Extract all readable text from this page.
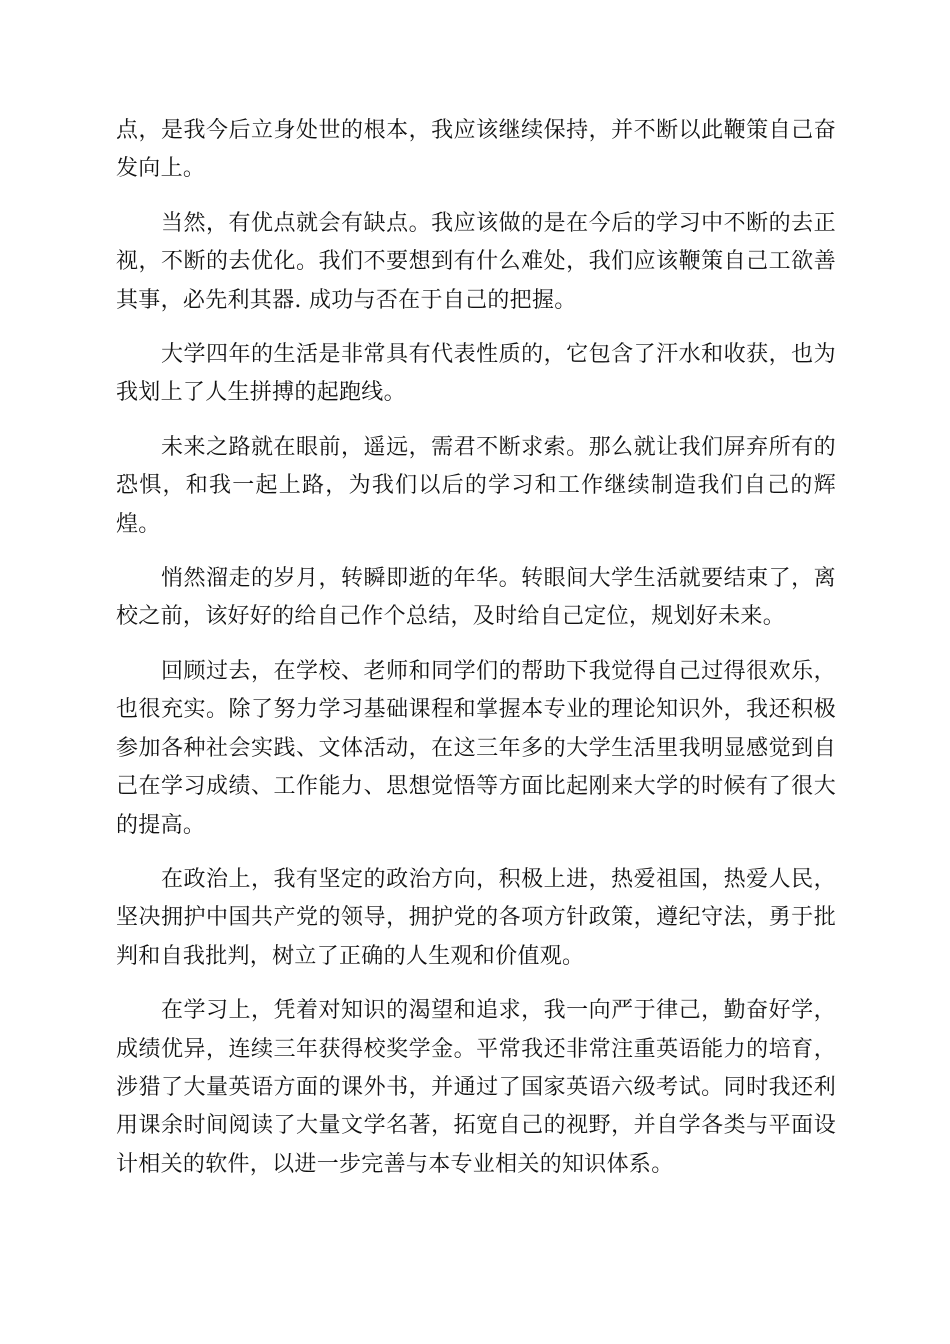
点，是我今后立身处世的根本，我应该继续保持，并不断以此鞭策自己奋发向上。

当然，有优点就会有缺点。我应该做的是在今后的学习中不断的去正视，不断的去优化。我们不要想到有什么难处，我们应该鞭策自己工欲善其事，必先利其器. 成功与否在于自己的把握。

大学四年的生活是非常具有代表性质的，它包含了汗水和收获，也为我划上了人生拼搏的起跑线。

未来之路就在眼前，遥远，需君不断求索。那么就让我们屏弃所有的恐惧，和我一起上路，为我们以后的学习和工作继续制造我们自己的辉煌。

悄然溜走的岁月，转瞬即逝的年华。转眼间大学生活就要结束了，离校之前，该好好的给自己作个总结，及时给自己定位，规划好未来。

回顾过去，在学校、老师和同学们的帮助下我觉得自己过得很欢乐，也很充实。除了努力学习基础课程和掌握本专业的理论知识外，我还积极参加各种社会实践、文体活动，在这三年多的大学生活里我明显感觉到自己在学习成绩、工作能力、思想觉悟等方面比起刚来大学的时候有了很大的提高。

在政治上，我有坚定的政治方向，积极上进，热爱祖国，热爱人民，坚决拥护中国共产党的领导，拥护党的各项方针政策，遵纪守法，勇于批判和自我批判，树立了正确的人生观和价值观。

在学习上，凭着对知识的渴望和追求，我一向严于律己，勤奋好学，成绩优异，连续三年获得校奖学金。平常我还非常注重英语能力的培育，涉猎了大量英语方面的课外书，并通过了国家英语六级考试。同时我还利用课余时间阅读了大量文学名著，拓宽自己的视野，并自学各类与平面设计相关的软件，以进一步完善与本专业相关的知识体系。
